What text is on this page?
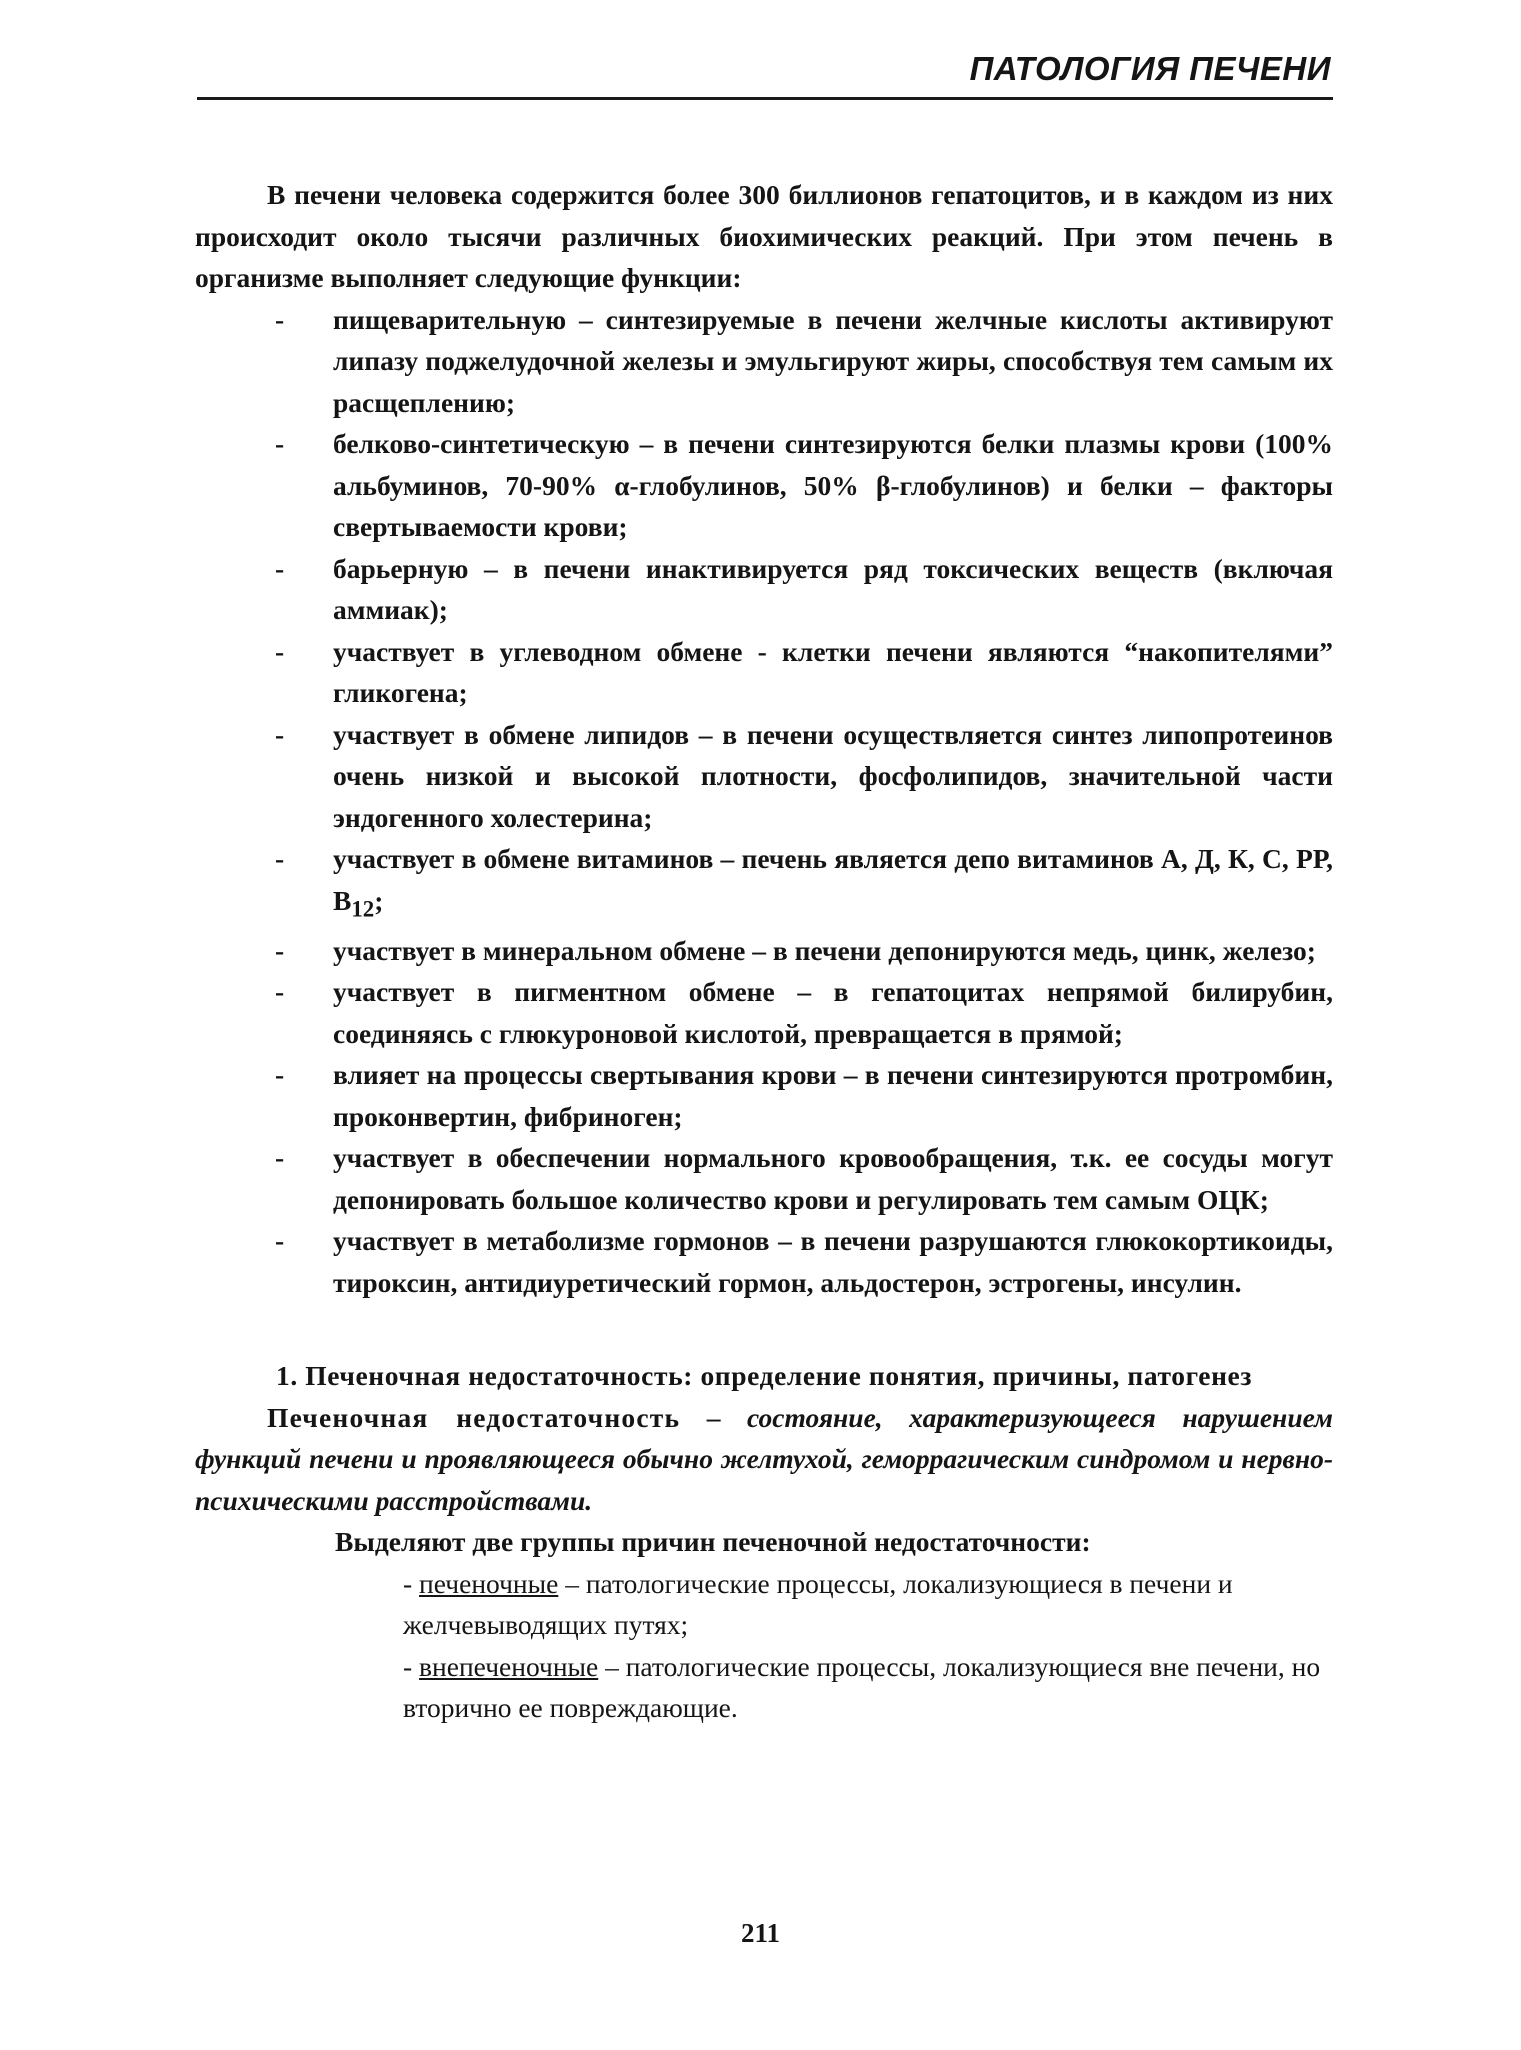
ПАТОЛОГИЯ ПЕЧЕНИ

В печени человека содержится более 300 биллионов гепатоцитов, и в каждом из них происходит около тысячи различных биохимических реакций. При этом печень в организме выполняет следующие функции:

- пищеварительную – синтезируемые в печени желчные кислоты активируют липазу поджелудочной железы и эмульгируют жиры, способствуя тем самым их расщеплению;
- белково-синтетическую – в печени синтезируются белки плазмы крови (100% альбуминов, 70-90% α-глобулинов, 50% β-глобулинов) и белки – факторы свертываемости крови;
- барьерную – в печени инактивируется ряд токсических веществ (включая аммиак);
- участвует в углеводном обмене - клетки печени являются “накопителями” гликогена;
- участвует в обмене липидов – в печени осуществляется синтез липопротеинов очень низкой и высокой плотности, фосфолипидов, значительной части эндогенного холестерина;
- участвует в обмене витаминов – печень является депо витаминов А, Д, К, С, РР, $В_{12}$;
- участвует в минеральном обмене – в печени депонируются медь, цинк, железо;
- участвует в пигментном обмене – в гепатоцитах непрямой билирубин, соединяясь с глюкуроновой кислотой, превращается в прямой;
- влияет на процессы свертывания крови – в печени синтезируются протромбин, проконвертин, фибриноген;
- участвует в обеспечении нормального кровообращения, т.к. ее сосуды могут депонировать большое количество крови и регулировать тем самым ОЦК;
- участвует в метаболизме гормонов – в печени разрушаются глюкокортикоиды, тироксин, антидиуретический гормон, альдостерон, эстрогены, инсулин.

1. Печеночная недостаточность: определение понятия, причины, патогенез

Печеночная недостаточность – состояние, характеризующееся нарушением функций печени и проявляющееся обычно желтухой, геморрагическим синдромом и нервно-психическими расстройствами.

Выделяют две группы причин печеночной недостаточности:

- печеночные – патологические процессы, локализующиеся в печени и желчевыводящих путях;
- внепеченочные – патологические процессы, локализующиеся вне печени, но вторично ее повреждающие.
211
